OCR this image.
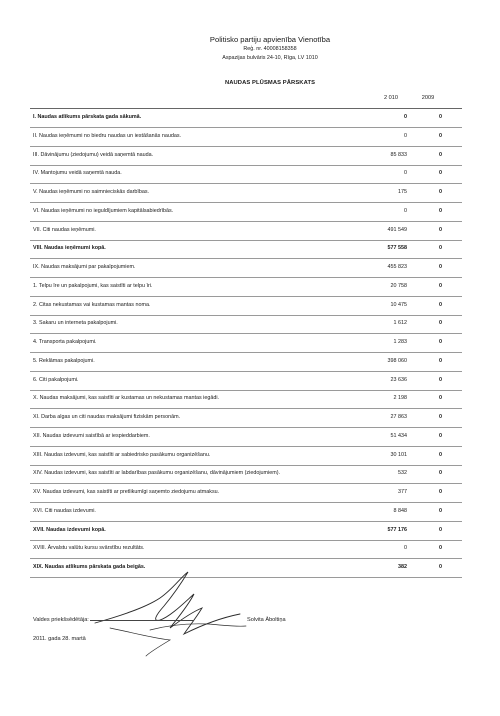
Politisko partiju apvienība Vienotība
Reģ. nr. 40008158358
Aspazijas bulvāris 24-10, Rīga, LV 1010
NAUDAS PLŪSMAS PĀRSKATS
2 010	2009
I. Naudas atlikums pārskata gada sākumā.	0	0
II. Naudas ieņēmumi no biedru naudas un iestāšanās naudas.	0	0
III. Dāvinājumu (ziedojumu) veidā saņemtā nauda.	85 833	0
IV. Mantojumu veidā saņemtā nauda.	0	0
V. Naudas ieņēmumi no saimnieciskās darbības.	175	0
VI. Naudas ieņēmumi no ieguldījumiem kapitālsabiedrībās.	0	0
VII. Citi naudas ieņēmumi.	491 549	0
VIII. Naudas ieņēmumi kopā.	577 558	0
IX. Naudas maksājumi par pakalpojumiem.	455 823	0
1. Telpu īre un pakalpojumi, kas saistīti ar telpu īri.	20 758	0
2. Citas nekustamas vai kustamas mantas noma.	10 475	0
3. Sakaru un interneta pakalpojumi.	1 612	0
4. Transporta pakalpojumi.	1 283	0
5. Reklāmas pakalpojumi.	398 060	0
6. Citi pakalpojumi.	23 636	0
X. Naudas maksājumi, kas saistīti ar kustamas un nekustamas mantas iegādi.	2 198	0
XI. Darba algas un citi naudas maksājumi fiziskām personām.	27 863	0
XII. Naudas izdevumi saistībā ar iespieddarbiem.	51 434	0
XIII. Naudas izdevumi, kas saistīti ar sabiedrisko pasākumu organizēšanu.	30 101	0
XIV. Naudas izdevumi, kas saistīti ar labdarības pasākumu organizēšanu, dāvinājumiem (ziedojumiem).	532	0
XV. Naudas izdevumi, kas saistīti ar pretlikumīgi saņemto ziedojumu atmaksu.	377	0
XVI. Citi naudas izdevumi.	8 848	0
XVII. Naudas izdevumi kopā.	577 176	0
XVIII. Ārvalstu valūtu kursu svārstību rezultāts.	0	0
XIX. Naudas atlikums pārskata gada beigās.	382	0
Valdes priekšsēdētāja:	Solvita Āboltiņa
2011. gada 28. martā
